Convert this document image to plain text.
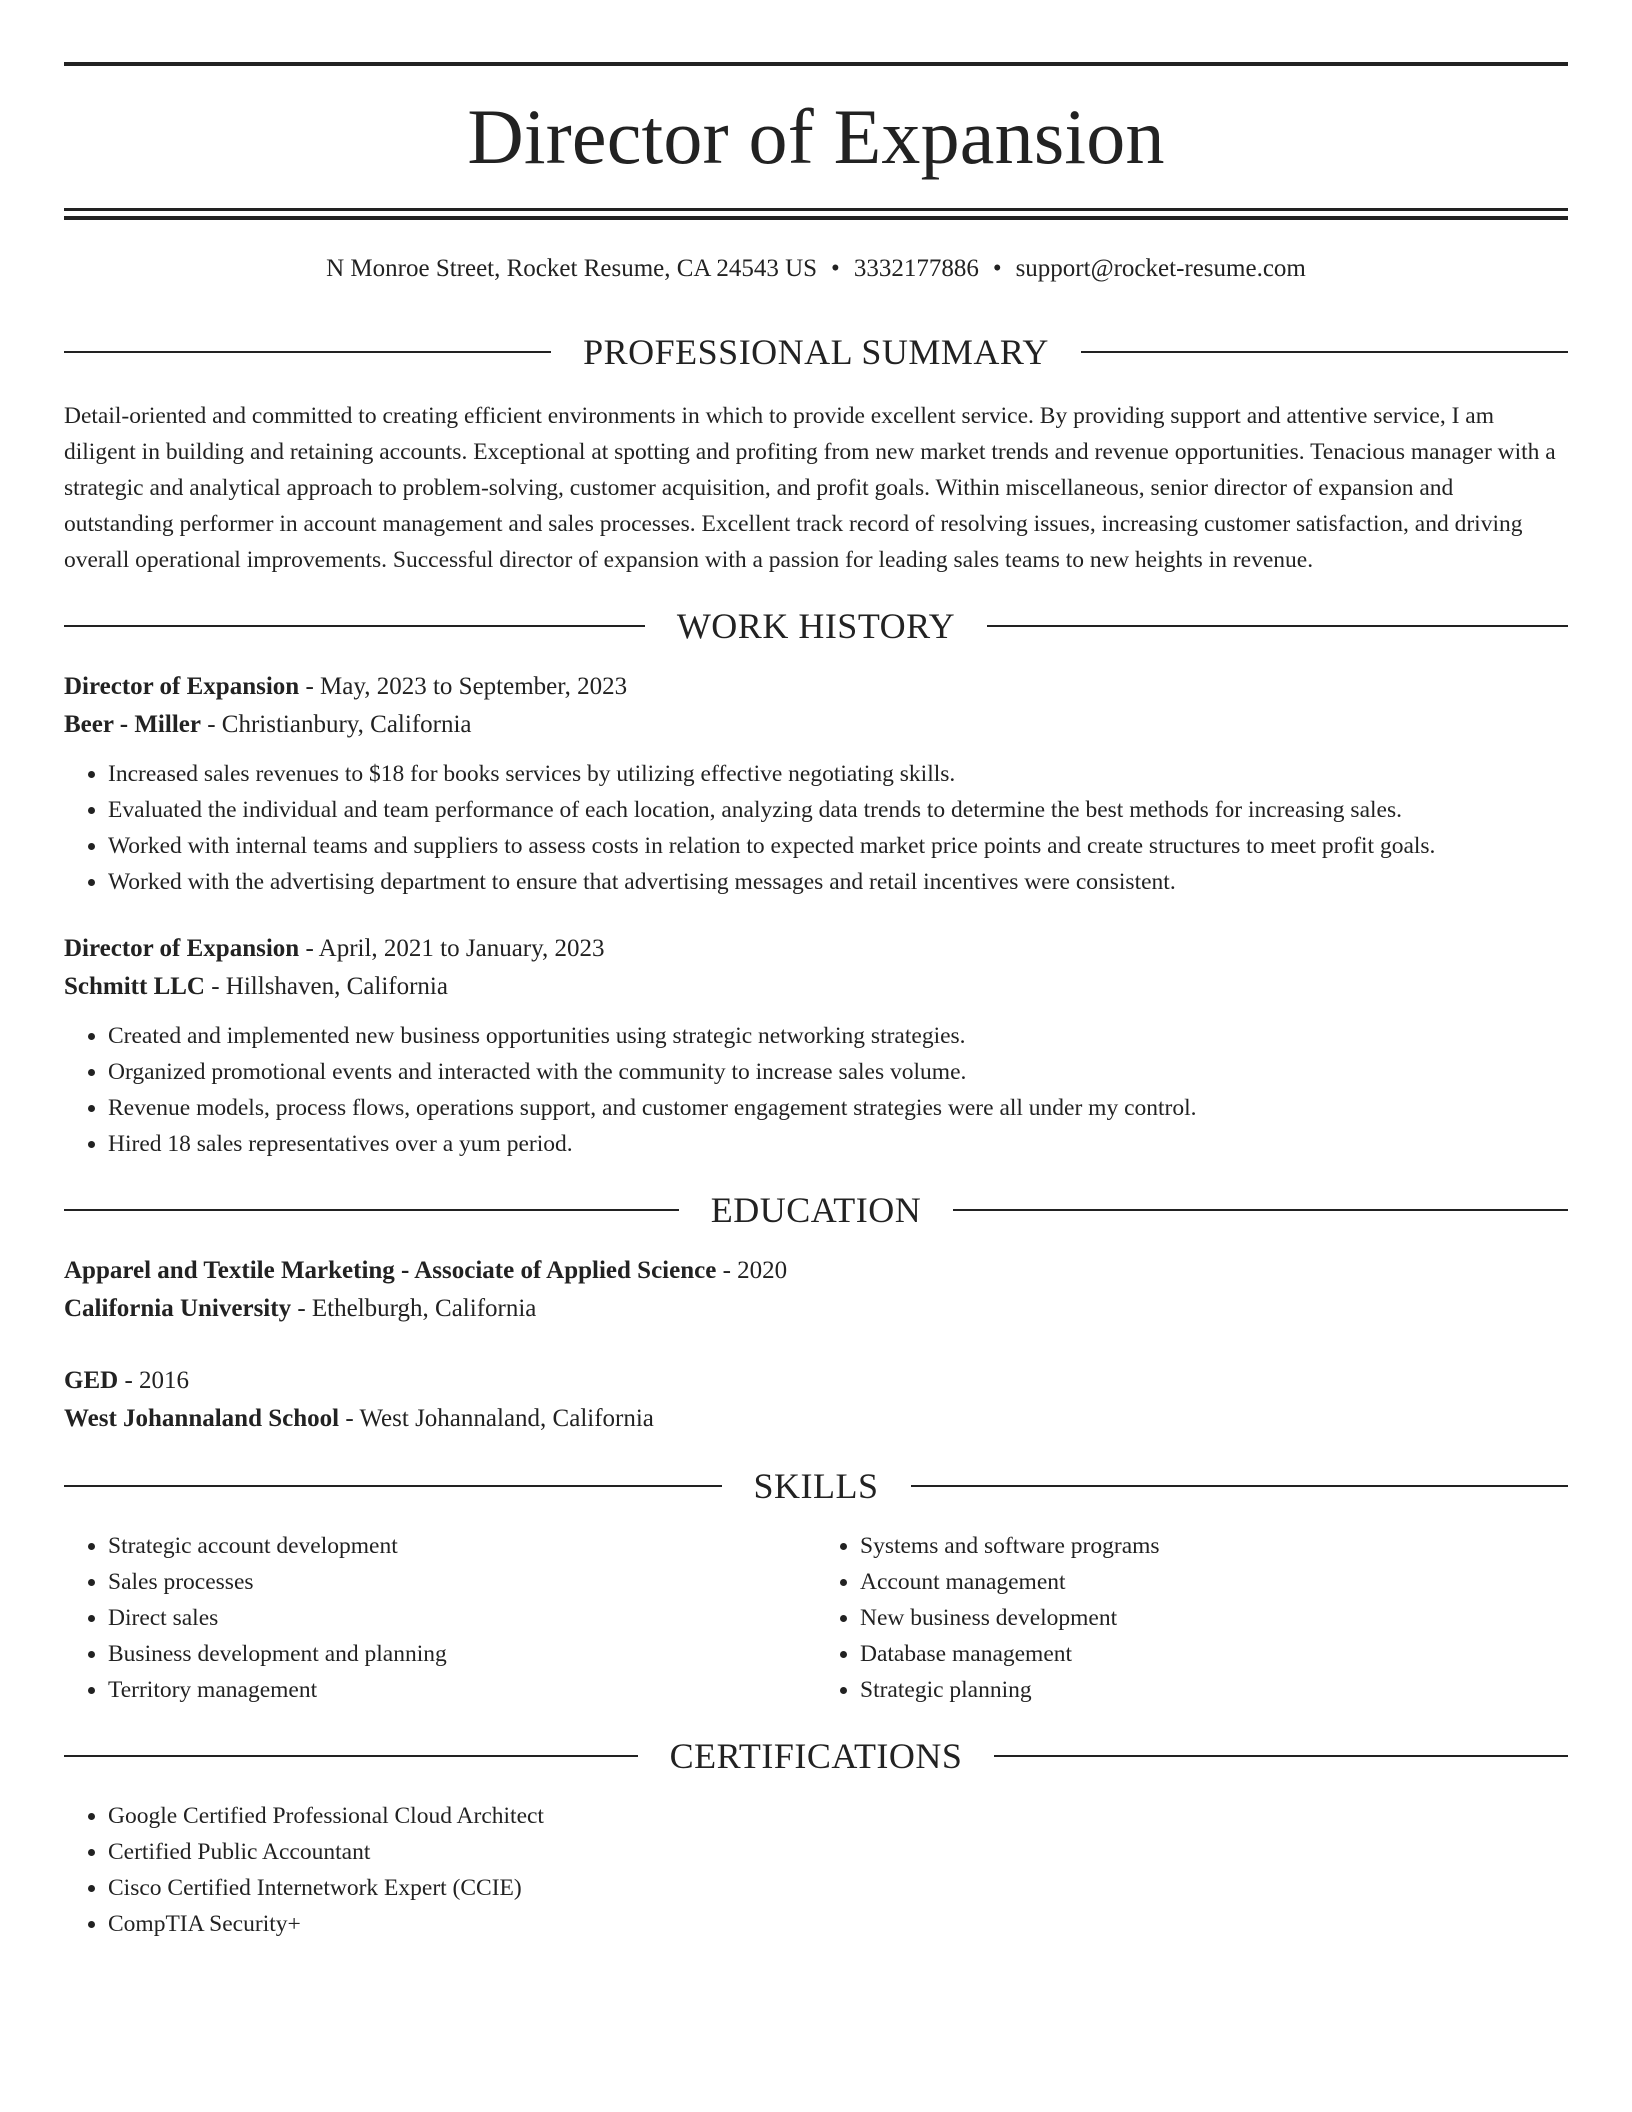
Director of Expansion
N Monroe Street, Rocket Resume, CA 24543 US • 3332177886 • support@rocket-resume.com
PROFESSIONAL SUMMARY

Detail-oriented and committed to creating efficient environments in which to provide excellent service. By providing support and attentive service, I am diligent in building and retaining accounts. Exceptional at spotting and profiting from new market trends and revenue opportunities. Tenacious manager with a strategic and analytical approach to problem-solving, customer acquisition, and profit goals. Within miscellaneous, senior director of expansion and outstanding performer in account management and sales processes. Excellent track record of resolving issues, increasing customer satisfaction, and driving overall operational improvements. Successful director of expansion with a passion for leading sales teams to new heights in revenue.

WORK HISTORY
Director of Expansion - May, 2023 to September, 2023
Beer - Miller - Christianbury, California
• Increased sales revenues to $18 for books services by utilizing effective negotiating skills.
• Evaluated the individual and team performance of each location, analyzing data trends to determine the best methods for increasing sales.
• Worked with internal teams and suppliers to assess costs in relation to expected market price points and create structures to meet profit goals.
• Worked with the advertising department to ensure that advertising messages and retail incentives were consistent.
Director of Expansion - April, 2021 to January, 2023
Schmitt LLC - Hillshaven, California
• Created and implemented new business opportunities using strategic networking strategies.
• Organized promotional events and interacted with the community to increase sales volume.
• Revenue models, process flows, operations support, and customer engagement strategies were all under my control.
• Hired 18 sales representatives over a yum period.
EDUCATION
Apparel and Textile Marketing - Associate of Applied Science - 2020
California University - Ethelburgh, California
GED - 2016
West Johannaland School - West Johannaland, California
SKILLS
• Strategic account development
• Sales processes
• Direct sales
• Business development and planning
• Territory management
• Systems and software programs
• Account management
• New business development
• Database management
• Strategic planning
CERTIFICATIONS
• Google Certified Professional Cloud Architect
• Certified Public Accountant
• Cisco Certified Internetwork Expert (CCIE)
• CompTIA Security+
